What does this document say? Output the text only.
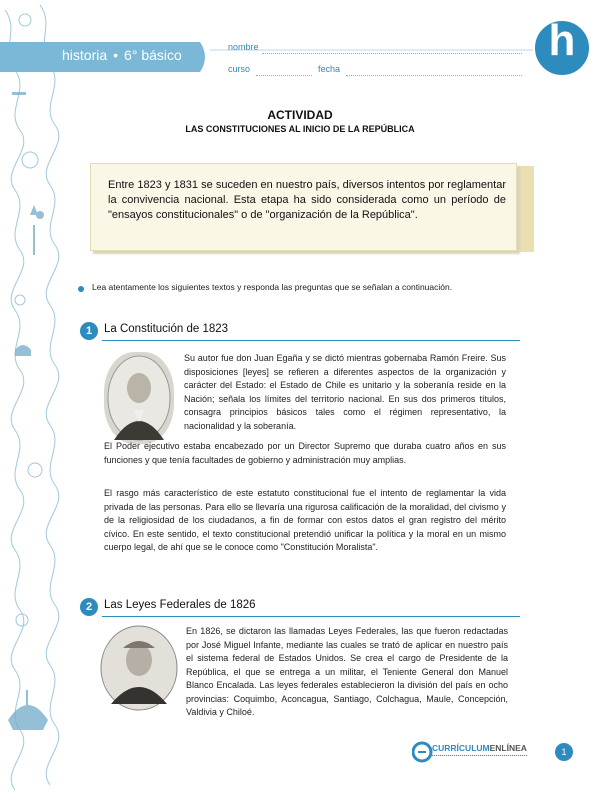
historia • 6° básico	nombre
curso	fecha
h
ACTIVIDAD
LAS CONSTITUCIONES AL INICIO DE LA REPÚBLICA
Entre 1823 y 1831 se suceden en nuestro país, diversos intentos por reglamentar la convivencia nacional. Esta etapa ha sido considerada como un período de "ensayos constitucionales" o de "organización de la República".
Lea atentamente los siguientes textos y responda las preguntas que se señalan a continuación.
1	La Constitución de 1823
Su autor fue don Juan Egaña y se dictó mientras gobernaba Ramón Freire. Sus disposiciones [leyes] se refieren a diferentes aspectos de la organización y carácter del Estado: el Estado de Chile es unitario y la soberanía reside en la Nación; señala los límites del territorio nacional. En sus dos primeros títulos, consagra principios básicos tales como el régimen representativo, la nacionalidad y la soberanía.
El Poder ejecutivo estaba encabezado por un Director Supremo que duraba cuatro años en sus funciones y que tenía facultades de gobierno y administración muy amplias.
El rasgo más característico de este estatuto constitucional fue el intento de reglamentar la vida privada de las personas. Para ello se llevaría una rigurosa calificación de la moralidad, del civismo y de la religiosidad de los ciudadanos, a fin de formar con estos datos el gran registro del mérito cívico. En este sentido, el texto constitucional pretendió unificar la política y la moral en un mismo cuerpo legal, de ahí que se le conoce como "Constitución Moralista".
2	Las Leyes Federales de 1826
En 1826, se dictaron las llamadas Leyes Federales, las que fueron redactadas por José Miguel Infante, mediante las cuales se trató de aplicar en nuestro país el sistema federal de Estados Unidos. Se crea el cargo de Presidente de la República, el que se entrega a un militar, el Teniente General don Manuel Blanco Encalada. Las leyes federales establecieron la división del país en ocho provincias: Coquimbo, Aconcagua, Santiago, Colchagua, Maule, Concepción, Valdivia y Chiloé.
CURRÍCULUMENLÍNEA	1
